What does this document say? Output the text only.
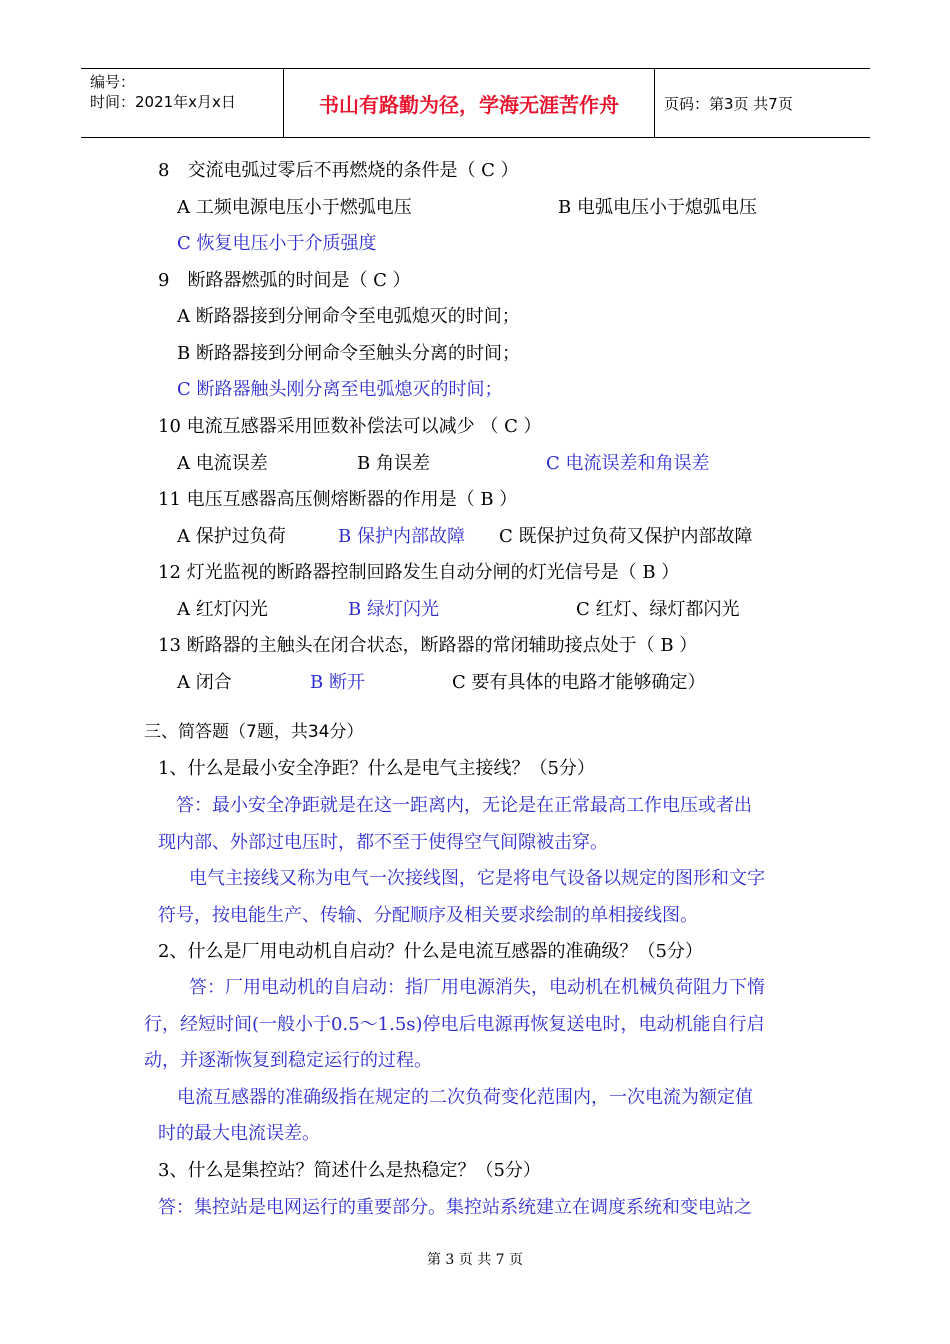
编号：
时间：2021年x月x日	书山有路勤为径，学海无涯苦作舟	页码：第3页 共7页
8　交流电弧过零后不再燃烧的条件是（ C ）
A 工频电源电压小于燃弧电压	B 电弧电压小于熄弧电压
C 恢复电压小于介质强度
9　断路器燃弧的时间是（ C ）
A 断路器接到分闸命令至电弧熄灭的时间；
B 断路器接到分闸命令至触头分离的时间；
C 断路器触头刚分离至电弧熄灭的时间；
10 电流互感器采用匝数补偿法可以减少 （ C ）
A 电流误差	B 角误差	C 电流误差和角误差
11 电压互感器高压侧熔断器的作用是（ B ）
A 保护过负荷	B 保护内部故障 C 既保护过负荷又保护内部故障
12 灯光监视的断路器控制回路发生自动分闸的灯光信号是（ B ）
A 红灯闪光	B 绿灯闪光	C 红灯、绿灯都闪光
13 断路器的主触头在闭合状态，断路器的常闭辅助接点处于（ B ）
A 闭合	B 断开	C 要有具体的电路才能够确定）
三、简答题（7题，共34分）
1、什么是最小安全净距？什么是电气主接线？（5分）
答：最小安全净距就是在这一距离内，无论是在正常最高工作电压或者出
现内部、外部过电压时，都不至于使得空气间隙被击穿。
电气主接线又称为电气一次接线图，它是将电气设备以规定的图形和文字
符号，按电能生产、传输、分配顺序及相关要求绘制的单相接线图。
2、什么是厂用电动机自启动？什么是电流互感器的准确级？（5分）
答：厂用电动机的自启动：指厂用电源消失，电动机在机械负荷阻力下惰
行，经短时间(一般小于0.5～1.5s)停电后电源再恢复送电时，电动机能自行启
动，并逐渐恢复到稳定运行的过程。
电流互感器的准确级指在规定的二次负荷变化范围内，一次电流为额定值
时的最大电流误差。
3、什么是集控站？简述什么是热稳定？（5分）
答：集控站是电网运行的重要部分。集控站系统建立在调度系统和变电站之
第 3 页 共 7 页
